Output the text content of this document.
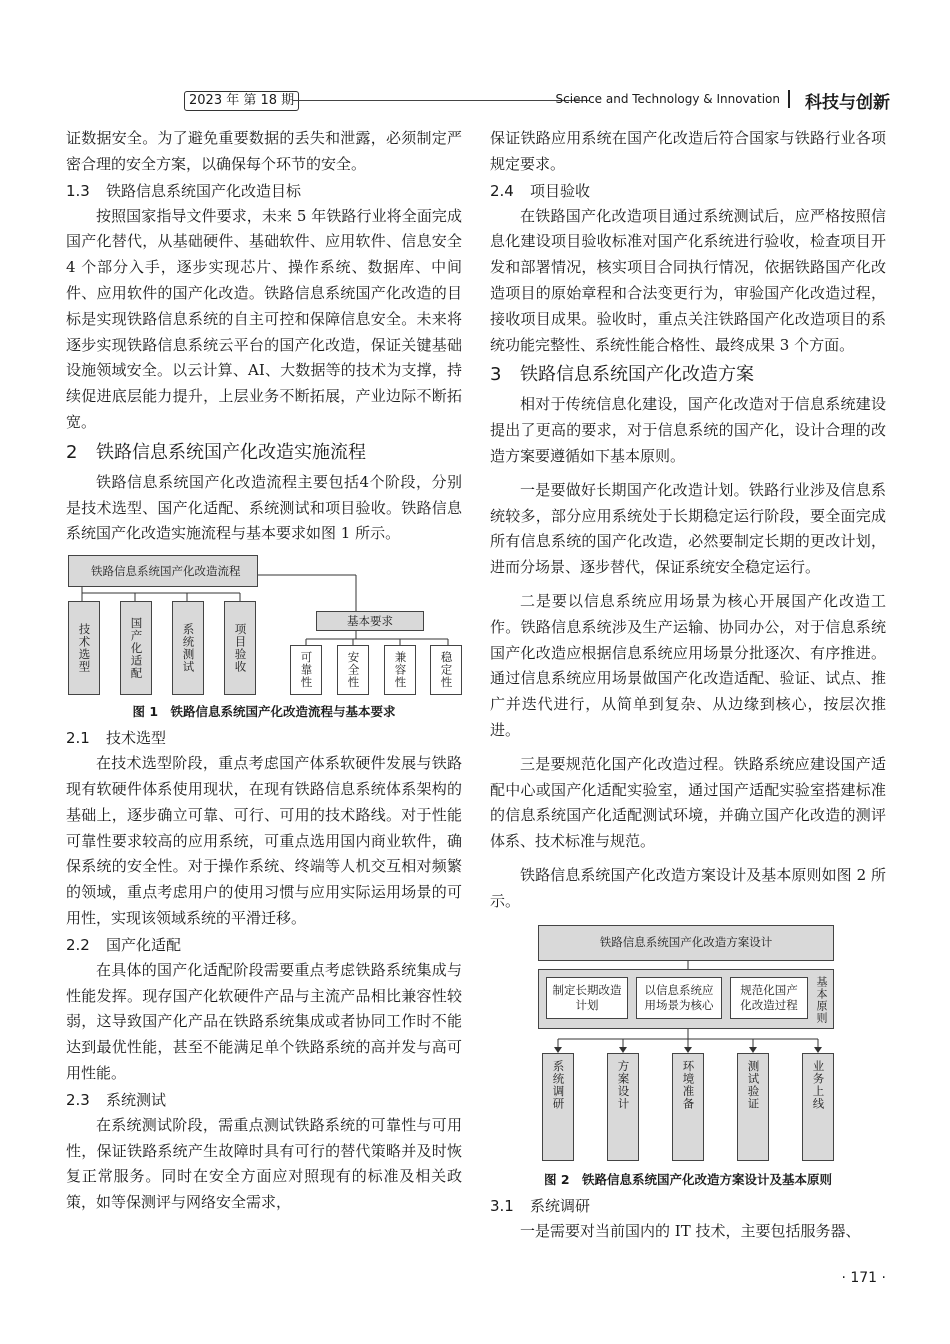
2023 年 第 18 期	Science and Technology & Innovation 科技与创新

证数据安全。为了避免重要数据的丢失和泄露，必须制定严密合理的安全方案，以确保每个环节的安全。

1.3 铁路信息系统国产化改造目标

按照国家指导文件要求，未来 5 年铁路行业将全面完成国产化替代，从基础硬件、基础软件、应用软件、信息安全 4 个部分入手，逐步实现芯片、操作系统、数据库、中间件、应用软件的国产化改造。铁路信息系统国产化改造的目标是实现铁路信息系统的自主可控和保障信息安全。未来将逐步实现铁路信息系统云平台的国产化改造，保证关键基础设施领域安全。以云计算、AI、大数据等的技术为支撑，持续促进底层能力提升，上层业务不断拓展，产业边际不断拓宽。

2 铁路信息系统国产化改造实施流程

铁路信息系统国产化改造流程主要包括4个阶段，分别是技术选型、国产化适配、系统测试和项目验收。铁路信息系统国产化改造实施流程与基本要求如图 1 所示。

铁路信息系统国产化改造流程
技术选型	国产化适配	系统测试	项目验收
基本要求
可靠性	安全性	兼容性	稳定性
图 1　铁路信息系统国产化改造流程与基本要求
2.1 技术选型

在技术选型阶段，重点考虑国产体系软硬件发展与铁路现有软硬件体系使用现状，在现有铁路信息系统体系架构的基础上，逐步确立可靠、可行、可用的技术路线。对于性能可靠性要求较高的应用系统，可重点选用国内商业软件，确保系统的安全性。对于操作系统、终端等人机交互相对频繁的领域，重点考虑用户的使用习惯与应用实际运用场景的可用性，实现该领域系统的平滑迁移。

2.2 国产化适配

在具体的国产化适配阶段需要重点考虑铁路系统集成与性能发挥。现存国产化软硬件产品与主流产品相比兼容性较弱，这导致国产化产品在铁路系统集成或者协同工作时不能达到最优性能，甚至不能满足单个铁路系统的高并发与高可用性能。

2.3 系统测试

在系统测试阶段，需重点测试铁路系统的可靠性与可用性，保证铁路系统产生故障时具有可行的替代策略并及时恢复正常服务。同时在安全方面应对照现有的标准及相关政策，如等保测评与网络安全需求，

保证铁路应用系统在国产化改造后符合国家与铁路行业各项规定要求。

2.4 项目验收

在铁路国产化改造项目通过系统测试后，应严格按照信息化建设项目验收标准对国产化系统进行验收，检查项目开发和部署情况，核实项目合同执行情况，依据铁路国产化改造项目的原始章程和合法变更行为，审验国产化改造过程，接收项目成果。验收时，重点关注铁路国产化改造项目的系统功能完整性、系统性能合格性、最终成果 3 个方面。

3 铁路信息系统国产化改造方案

相对于传统信息化建设，国产化改造对于信息系统建设提出了更高的要求，对于信息系统的国产化，设计合理的改造方案要遵循如下基本原则。

一是要做好长期国产化改造计划。铁路行业涉及信息系统较多，部分应用系统处于长期稳定运行阶段，要全面完成所有信息系统的国产化改造，必然要制定长期的更改计划，进而分场景、逐步替代，保证系统安全稳定运行。

二是要以信息系统应用场景为核心开展国产化改造工作。铁路信息系统涉及生产运输、协同办公，对于信息系统国产化改造应根据信息系统应用场景分批逐次、有序推进。通过信息系统应用场景做国产化改造适配、验证、试点、推广并迭代进行，从简单到复杂、从边缘到核心，按层次推进。

三是要规范化国产化改造过程。铁路系统应建设国产适配中心或国产化适配实验室，通过国产适配实验室搭建标准的信息系统国产化适配测试环境，并确立国产化改造的测评体系、技术标准与规范。

铁路信息系统国产化改造方案设计及基本原则如图 2 所示。

铁路信息系统国产化改造方案设计
制定长期改造计划
以信息系统应用场景为核心
规范化国产化改造过程	基本原则
系统调研	方案设计	环境准备	测试验证	业务上线
图 2　铁路信息系统国产化改造方案设计及基本原则
3.1 系统调研

一是需要对当前国内的 IT 技术，主要包括服务器、

· 171 ·
